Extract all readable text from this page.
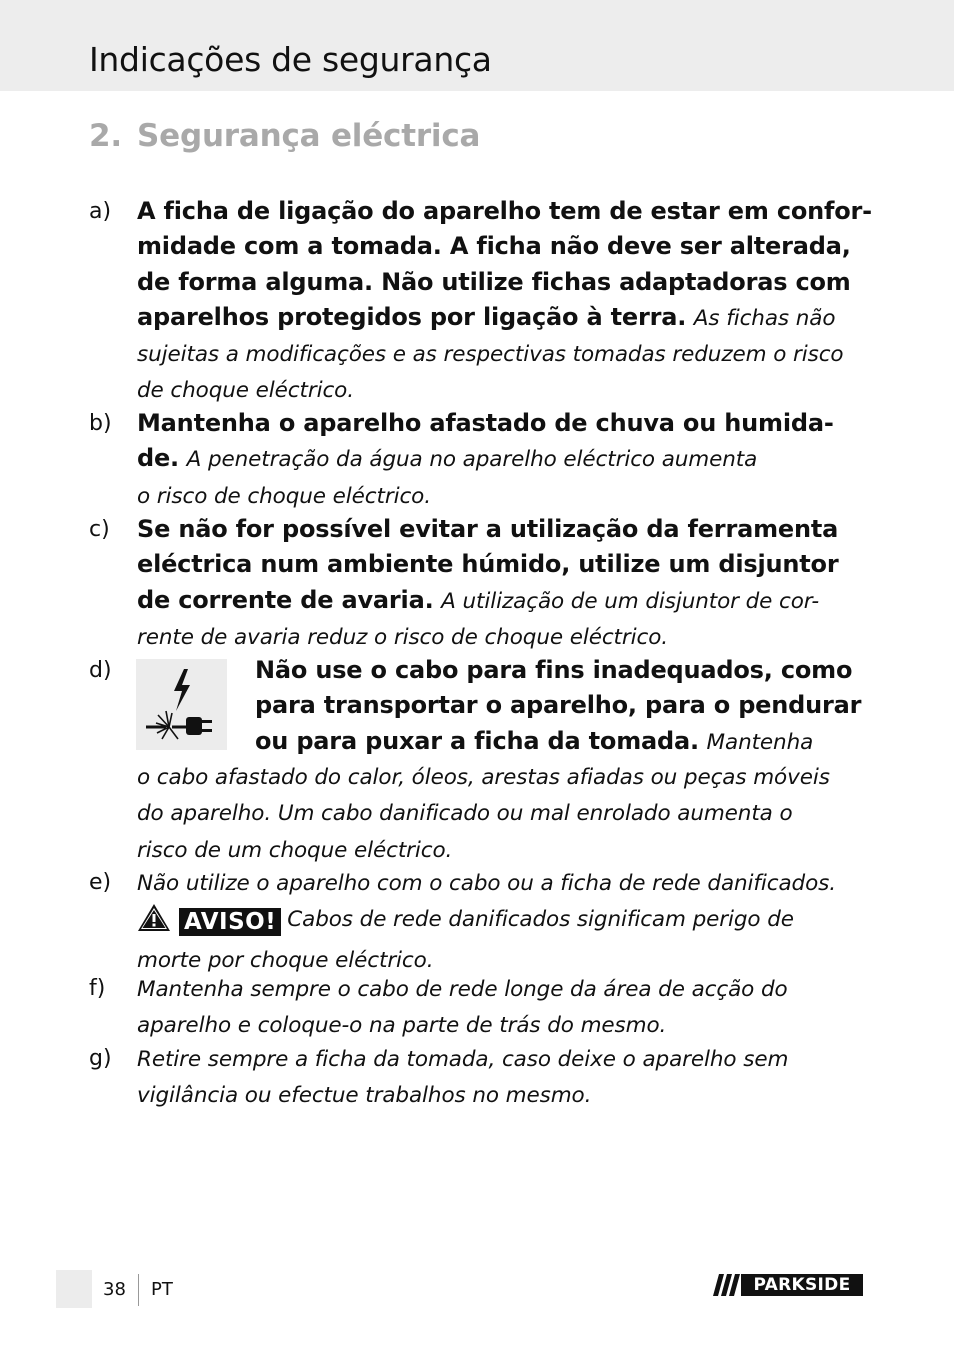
Indicações de segurança
2. Segurança eléctrica
a) A ficha de ligação do aparelho tem de estar em confor-
midade com a tomada. A ficha não deve ser alterada,
de forma alguma. Não utilize fichas adaptadoras com
aparelhos protegidos por ligação à terra. As fichas não
sujeitas a modificações e as respectivas tomadas reduzem o risco
de choque eléctrico.
b) Mantenha o aparelho afastado de chuva ou humida-
de. A penetração da água no aparelho eléctrico aumenta
o risco de choque eléctrico.
c) Se não for possível evitar a utilização da ferramenta
eléctrica num ambiente húmido, utilize um disjuntor
de corrente de avaria. A utilização de um disjuntor de cor-
rente de avaria reduz o risco de choque eléctrico.
d)	Não use o cabo para fins inadequados, como
para transportar o aparelho, para o pendurar
ou para puxar a ficha da tomada. Mantenha
o cabo afastado do calor, óleos, arestas afiadas ou peças móveis
do aparelho. Um cabo danificado ou mal enrolado aumenta o
risco de um choque eléctrico.
e) Não utilize o aparelho com o cabo ou a ficha de rede danificados.
AVISO! Cabos de rede danificados significam perigo de
morte por choque eléctrico.
f) Mantenha sempre o cabo de rede longe da área de acção do
aparelho e coloque-o na parte de trás do mesmo.
g) Retire sempre a ficha da tomada, caso deixe o aparelho sem
vigilância ou efectue trabalhos no mesmo.
38 PT	PARKSIDE
